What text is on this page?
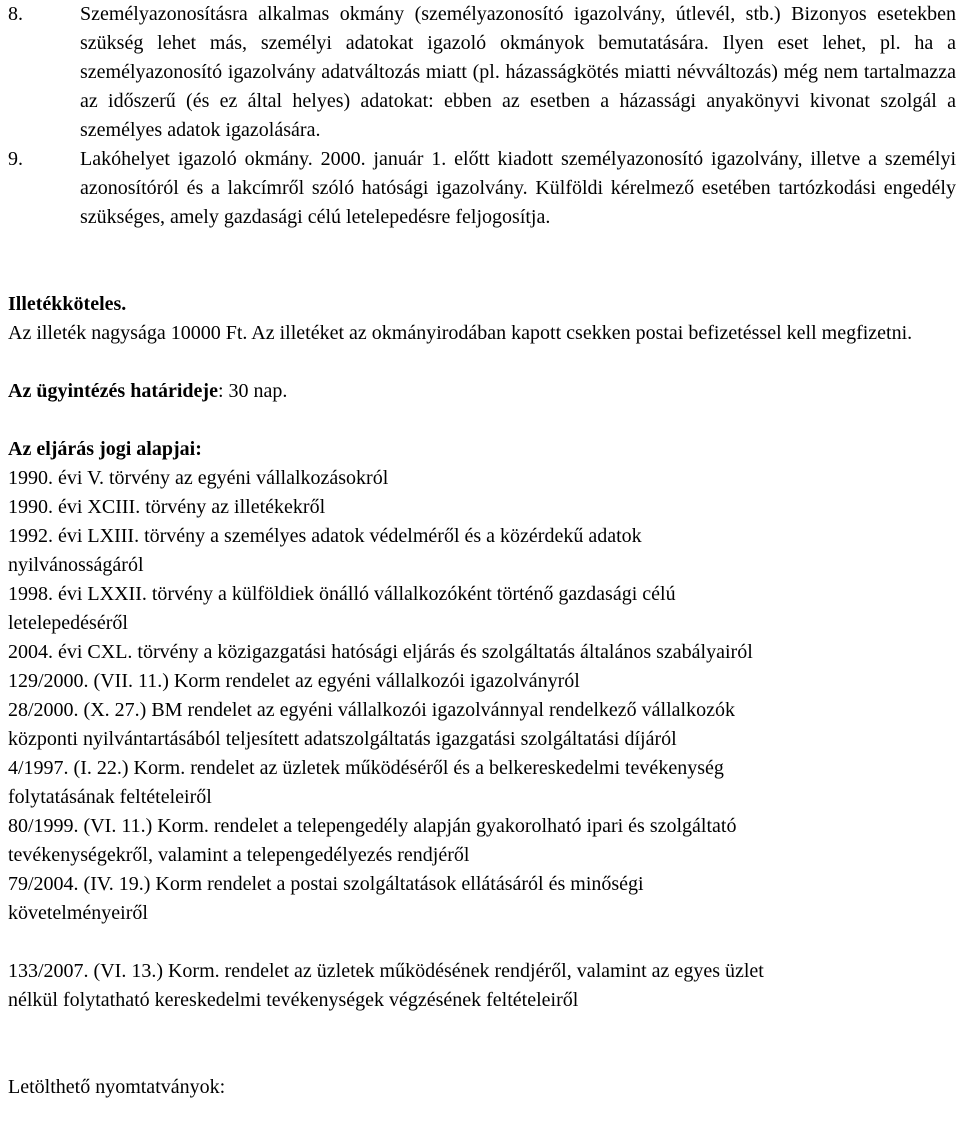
8.	Személyazonosításra alkalmas okmány (személyazonosító igazolvány, útlevél, stb.) Bizonyos esetekben szükség lehet más, személyi adatokat igazoló okmányok bemutatására. Ilyen eset lehet, pl. ha a személyazonosító igazolvány adatváltozás miatt (pl. házasságkötés miatti névváltozás) még nem tartalmazza az időszerű (és ez által helyes) adatokat: ebben az esetben a házassági anyakönyvi kivonat szolgál a személyes adatok igazolására.
9.	Lakóhelyet igazoló okmány. 2000. január 1. előtt kiadott személyazonosító igazolvány, illetve a személyi azonosítóról és a lakcímről szóló hatósági igazolvány. Külföldi kérelmező esetében tartózkodási engedély szükséges, amely gazdasági célú letelepedésre feljogosítja.
Illetékköteles.
Az illeték nagysága 10000 Ft. Az illetéket az okmányirodában kapott csekken postai befizetéssel kell megfizetni.
Az ügyintézés határideje: 30 nap.
Az eljárás jogi alapjai:
1990. évi V. törvény az egyéni vállalkozásokról
1990. évi XCIII. törvény az illetékekről
1992. évi LXIII. törvény a személyes adatok védelméről és a közérdekű adatok
nyilvánosságáról
1998. évi LXXII. törvény a külföldiek önálló vállalkozóként történő gazdasági célú
letelepedéséről
2004. évi CXL. törvény a közigazgatási hatósági eljárás és szolgáltatás általános szabályairól
129/2000. (VII. 11.) Korm rendelet az egyéni vállalkozói igazolványról
28/2000. (X. 27.) BM rendelet az egyéni vállalkozói igazolvánnyal rendelkező vállalkozók
központi nyilvántartásából teljesített adatszolgáltatás igazgatási szolgáltatási díjáról
4/1997. (I. 22.) Korm. rendelet az üzletek működéséről és a belkereskedelmi tevékenység
folytatásának feltételeiről
80/1999. (VI. 11.) Korm. rendelet a telepengedély alapján gyakorolható ipari és szolgáltató
tevékenységekről, valamint a telepengedélyezés rendjéről
79/2004. (IV. 19.) Korm rendelet a postai szolgáltatások ellátásáról és minőségi
követelményeiről
133/2007. (VI. 13.) Korm. rendelet az üzletek működésének rendjéről, valamint az egyes üzlet
nélkül folytatható kereskedelmi tevékenységek végzésének feltételeiről
Letölthető nyomtatványok:
